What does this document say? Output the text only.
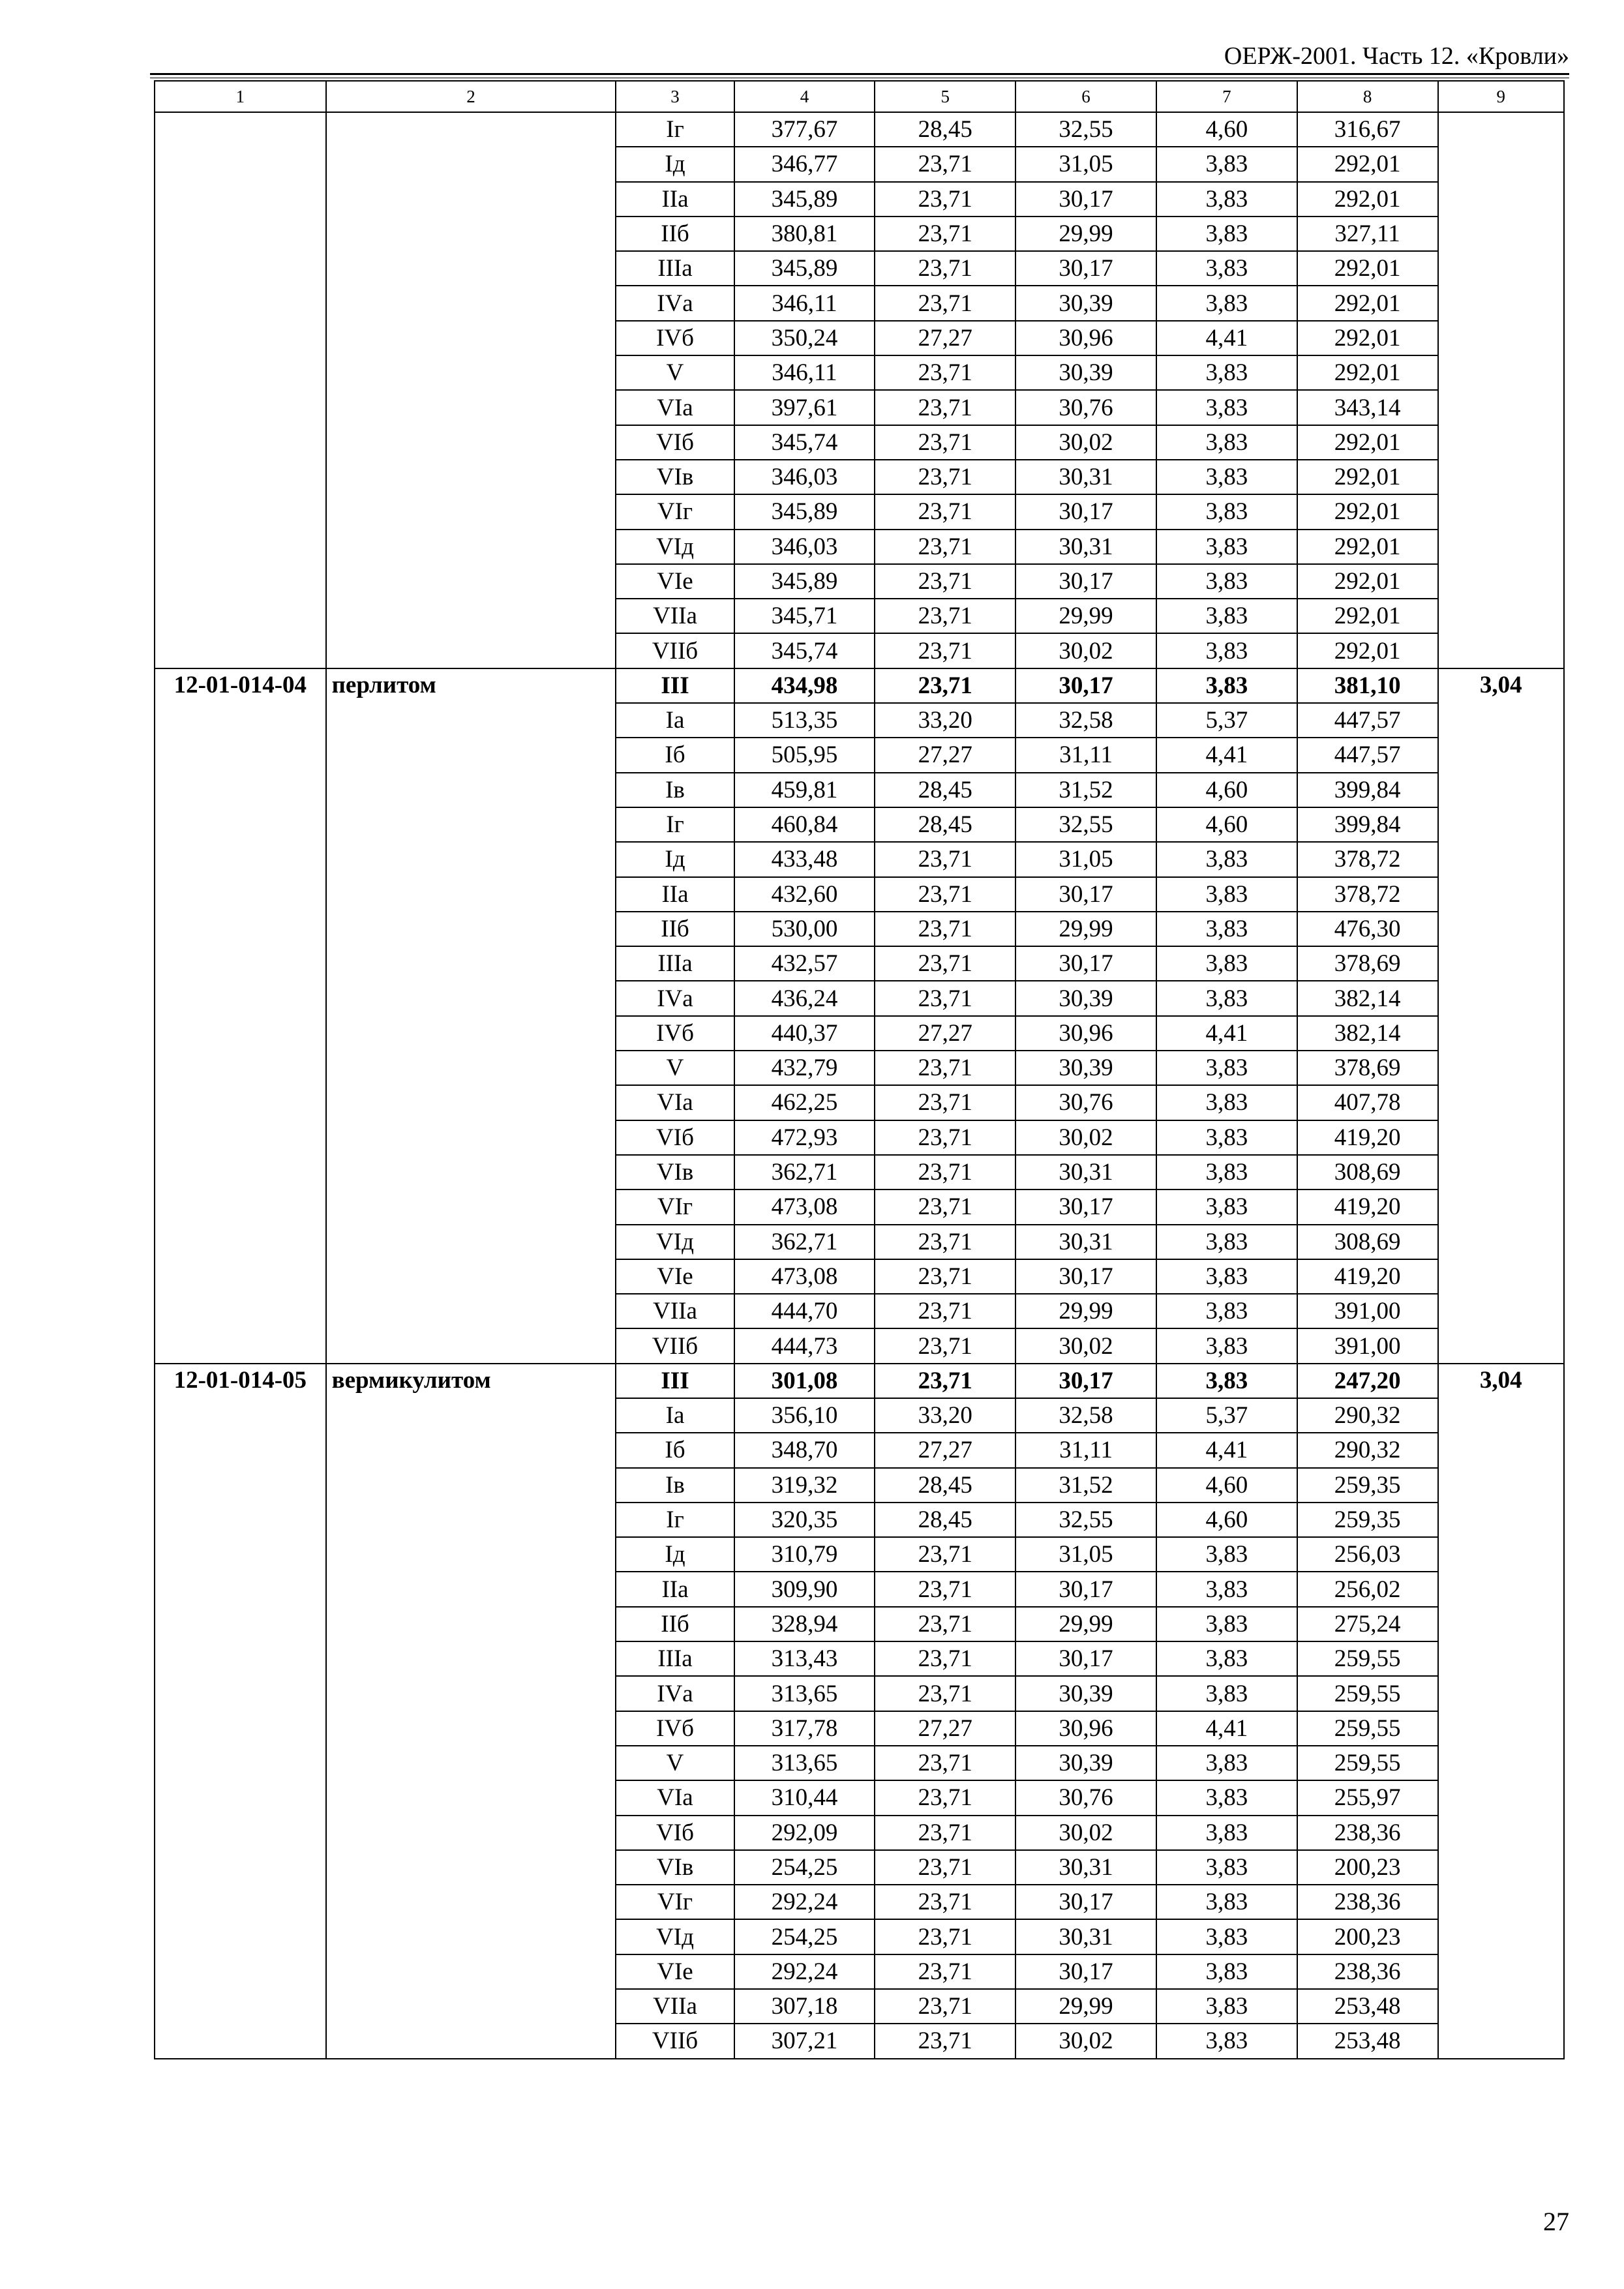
ОЕРЖ-2001. Часть 12. «Кровли»
1	2	3	4	5	6	7	8	9
		Iг	377,67	28,45	32,55	4,60	316,67	
		Iд	346,77	23,71	31,05	3,83	292,01	
		IIа	345,89	23,71	30,17	3,83	292,01	
		IIб	380,81	23,71	29,99	3,83	327,11	
		IIIа	345,89	23,71	30,17	3,83	292,01	
		IVа	346,11	23,71	30,39	3,83	292,01	
		IVб	350,24	27,27	30,96	4,41	292,01	
		V	346,11	23,71	30,39	3,83	292,01	
		VIа	397,61	23,71	30,76	3,83	343,14	
		VIб	345,74	23,71	30,02	3,83	292,01	
		VIв	346,03	23,71	30,31	3,83	292,01	
		VIг	345,89	23,71	30,17	3,83	292,01	
		VIд	346,03	23,71	30,31	3,83	292,01	
		VIе	345,89	23,71	30,17	3,83	292,01	
		VIIа	345,71	23,71	29,99	3,83	292,01	
		VIIб	345,74	23,71	30,02	3,83	292,01	
12-01-014-04	перлитом	III	434,98	23,71	30,17	3,83	381,10	3,04
		Iа	513,35	33,20	32,58	5,37	447,57	
		Iб	505,95	27,27	31,11	4,41	447,57	
		Iв	459,81	28,45	31,52	4,60	399,84	
		Iг	460,84	28,45	32,55	4,60	399,84	
		Iд	433,48	23,71	31,05	3,83	378,72	
		IIа	432,60	23,71	30,17	3,83	378,72	
		IIб	530,00	23,71	29,99	3,83	476,30	
		IIIа	432,57	23,71	30,17	3,83	378,69	
		IVа	436,24	23,71	30,39	3,83	382,14	
		IVб	440,37	27,27	30,96	4,41	382,14	
		V	432,79	23,71	30,39	3,83	378,69	
		VIа	462,25	23,71	30,76	3,83	407,78	
		VIб	472,93	23,71	30,02	3,83	419,20	
		VIв	362,71	23,71	30,31	3,83	308,69	
		VIг	473,08	23,71	30,17	3,83	419,20	
		VIд	362,71	23,71	30,31	3,83	308,69	
		VIе	473,08	23,71	30,17	3,83	419,20	
		VIIа	444,70	23,71	29,99	3,83	391,00	
		VIIб	444,73	23,71	30,02	3,83	391,00	
12-01-014-05	вермикулитом	III	301,08	23,71	30,17	3,83	247,20	3,04
		Iа	356,10	33,20	32,58	5,37	290,32	
		Iб	348,70	27,27	31,11	4,41	290,32	
		Iв	319,32	28,45	31,52	4,60	259,35	
		Iг	320,35	28,45	32,55	4,60	259,35	
		Iд	310,79	23,71	31,05	3,83	256,03	
		IIа	309,90	23,71	30,17	3,83	256,02	
		IIб	328,94	23,71	29,99	3,83	275,24	
		IIIа	313,43	23,71	30,17	3,83	259,55	
		IVа	313,65	23,71	30,39	3,83	259,55	
		IVб	317,78	27,27	30,96	4,41	259,55	
		V	313,65	23,71	30,39	3,83	259,55	
		VIа	310,44	23,71	30,76	3,83	255,97	
		VIб	292,09	23,71	30,02	3,83	238,36	
		VIв	254,25	23,71	30,31	3,83	200,23	
		VIг	292,24	23,71	30,17	3,83	238,36	
		VIд	254,25	23,71	30,31	3,83	200,23	
		VIе	292,24	23,71	30,17	3,83	238,36	
		VIIа	307,18	23,71	29,99	3,83	253,48	
		VIIб	307,21	23,71	30,02	3,83	253,48	
27
